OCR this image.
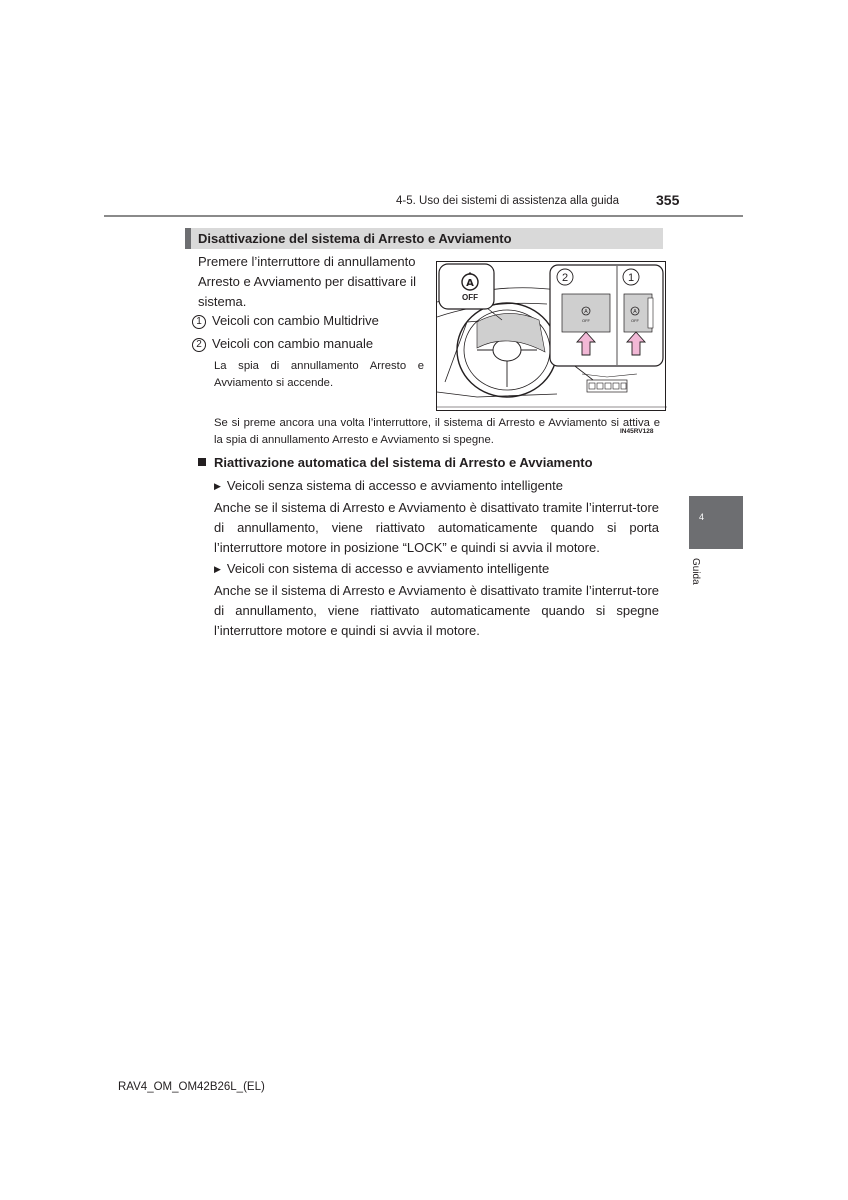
4-5. Uso dei sistemi di assistenza alla guida	355
Disattivazione del sistema di Arresto e Avviamento
Premere l’interruttore di annullamento Arresto e Avviamento per disattivare il sistema.
1 Veicoli con cambio Multidrive
2 Veicoli con cambio manuale
La spia di annullamento Arresto e Avviamento si accende.
A
OFF
2
A
OFF
1
A
OFF
IN45RV128
Se si preme ancora una volta l’interruttore, il sistema di Arresto e Avviamento si attiva e la spia di annullamento Arresto e Avviamento si spegne.
Riattivazione automatica del sistema di Arresto e Avviamento
▶ Veicoli senza sistema di accesso e avviamento intelligente
Anche se il sistema di Arresto e Avviamento è disattivato tramite l’interrut-tore di annullamento, viene riattivato automaticamente quando si porta l’interruttore motore in posizione “LOCK” e quindi si avvia il motore.
▶ Veicoli con sistema di accesso e avviamento intelligente
Anche se il sistema di Arresto e Avviamento è disattivato tramite l’interrut-tore di annullamento, viene riattivato automaticamente quando si spegne l’interruttore motore e quindi si avvia il motore.
4
Guida
RAV4_OM_OM42B26L_(EL)
